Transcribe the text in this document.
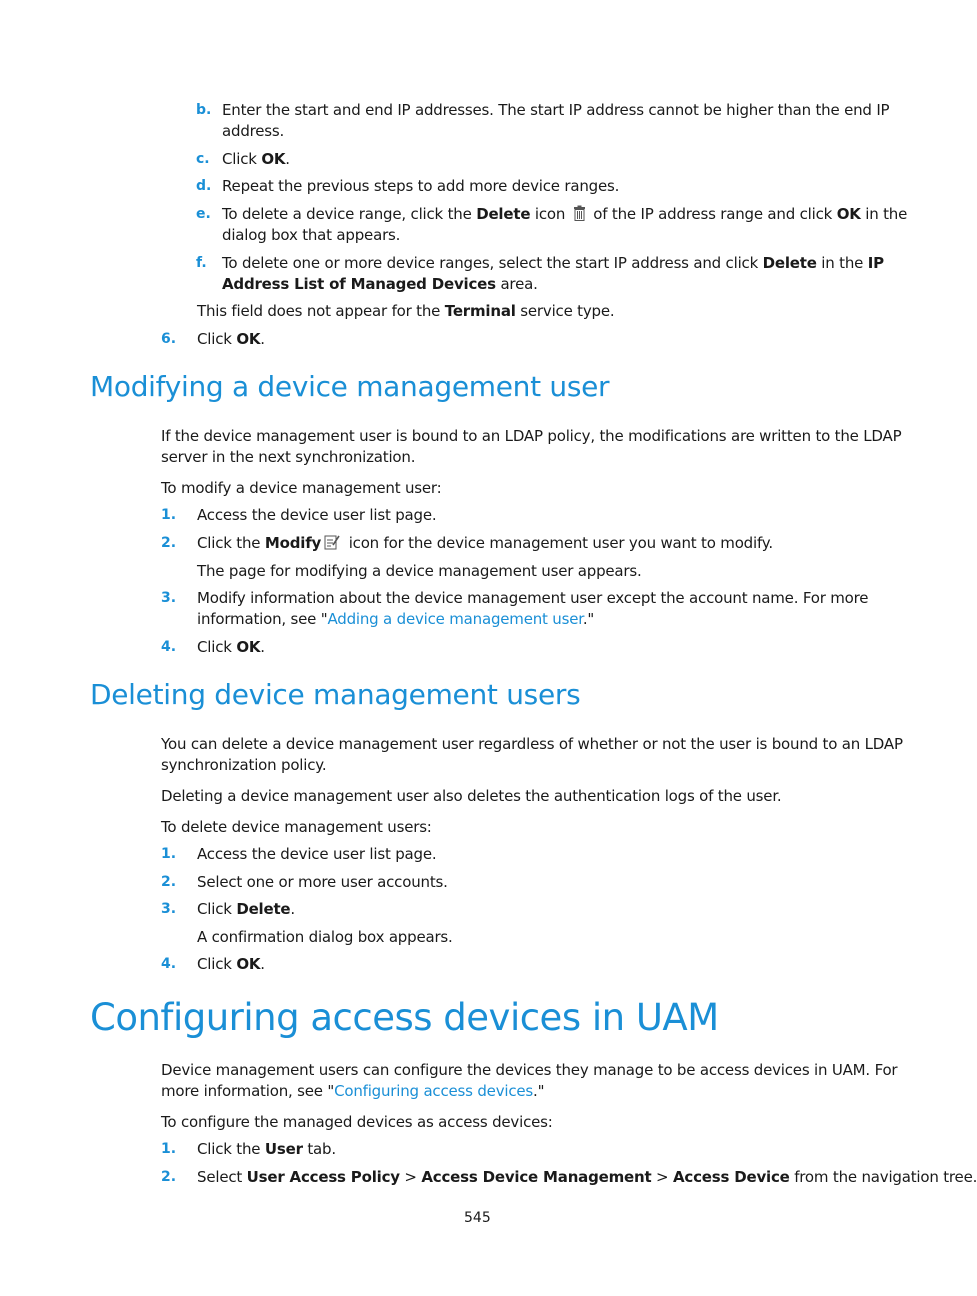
b. Enter the start and end IP addresses. The start IP address cannot be higher than the end IP
address.
c. Click OK.
d. Repeat the previous steps to add more device ranges.
e. To delete a device range, click the Delete icon  of the IP address range and click OK in the
dialog box that appears.
f. To delete one or more device ranges, select the start IP address and click Delete in the IP
Address List of Managed Devices area.
This field does not appear for the Terminal service type.
6. Click OK.
Modifying a device management user
If the device management user is bound to an LDAP policy, the modifications are written to the LDAP
server in the next synchronization.
To modify a device management user:
1. Access the device user list page.
2. Click the Modify icon for the device management user you want to modify.
The page for modifying a device management user appears.
3. Modify information about the device management user except the account name. For more
information, see "Adding a device management user."
4. Click OK.
Deleting device management users
You can delete a device management user regardless of whether or not the user is bound to an LDAP
synchronization policy.
Deleting a device management user also deletes the authentication logs of the user.
To delete device management users:
1. Access the device user list page.
2. Select one or more user accounts.
3. Click Delete.
A confirmation dialog box appears.
4. Click OK.
Configuring access devices in UAM
Device management users can configure the devices they manage to be access devices in UAM. For
more information, see "Configuring access devices."
To configure the managed devices as access devices:
1. Click the User tab.
2. Select User Access Policy > Access Device Management > Access Device from the navigation tree.
545
